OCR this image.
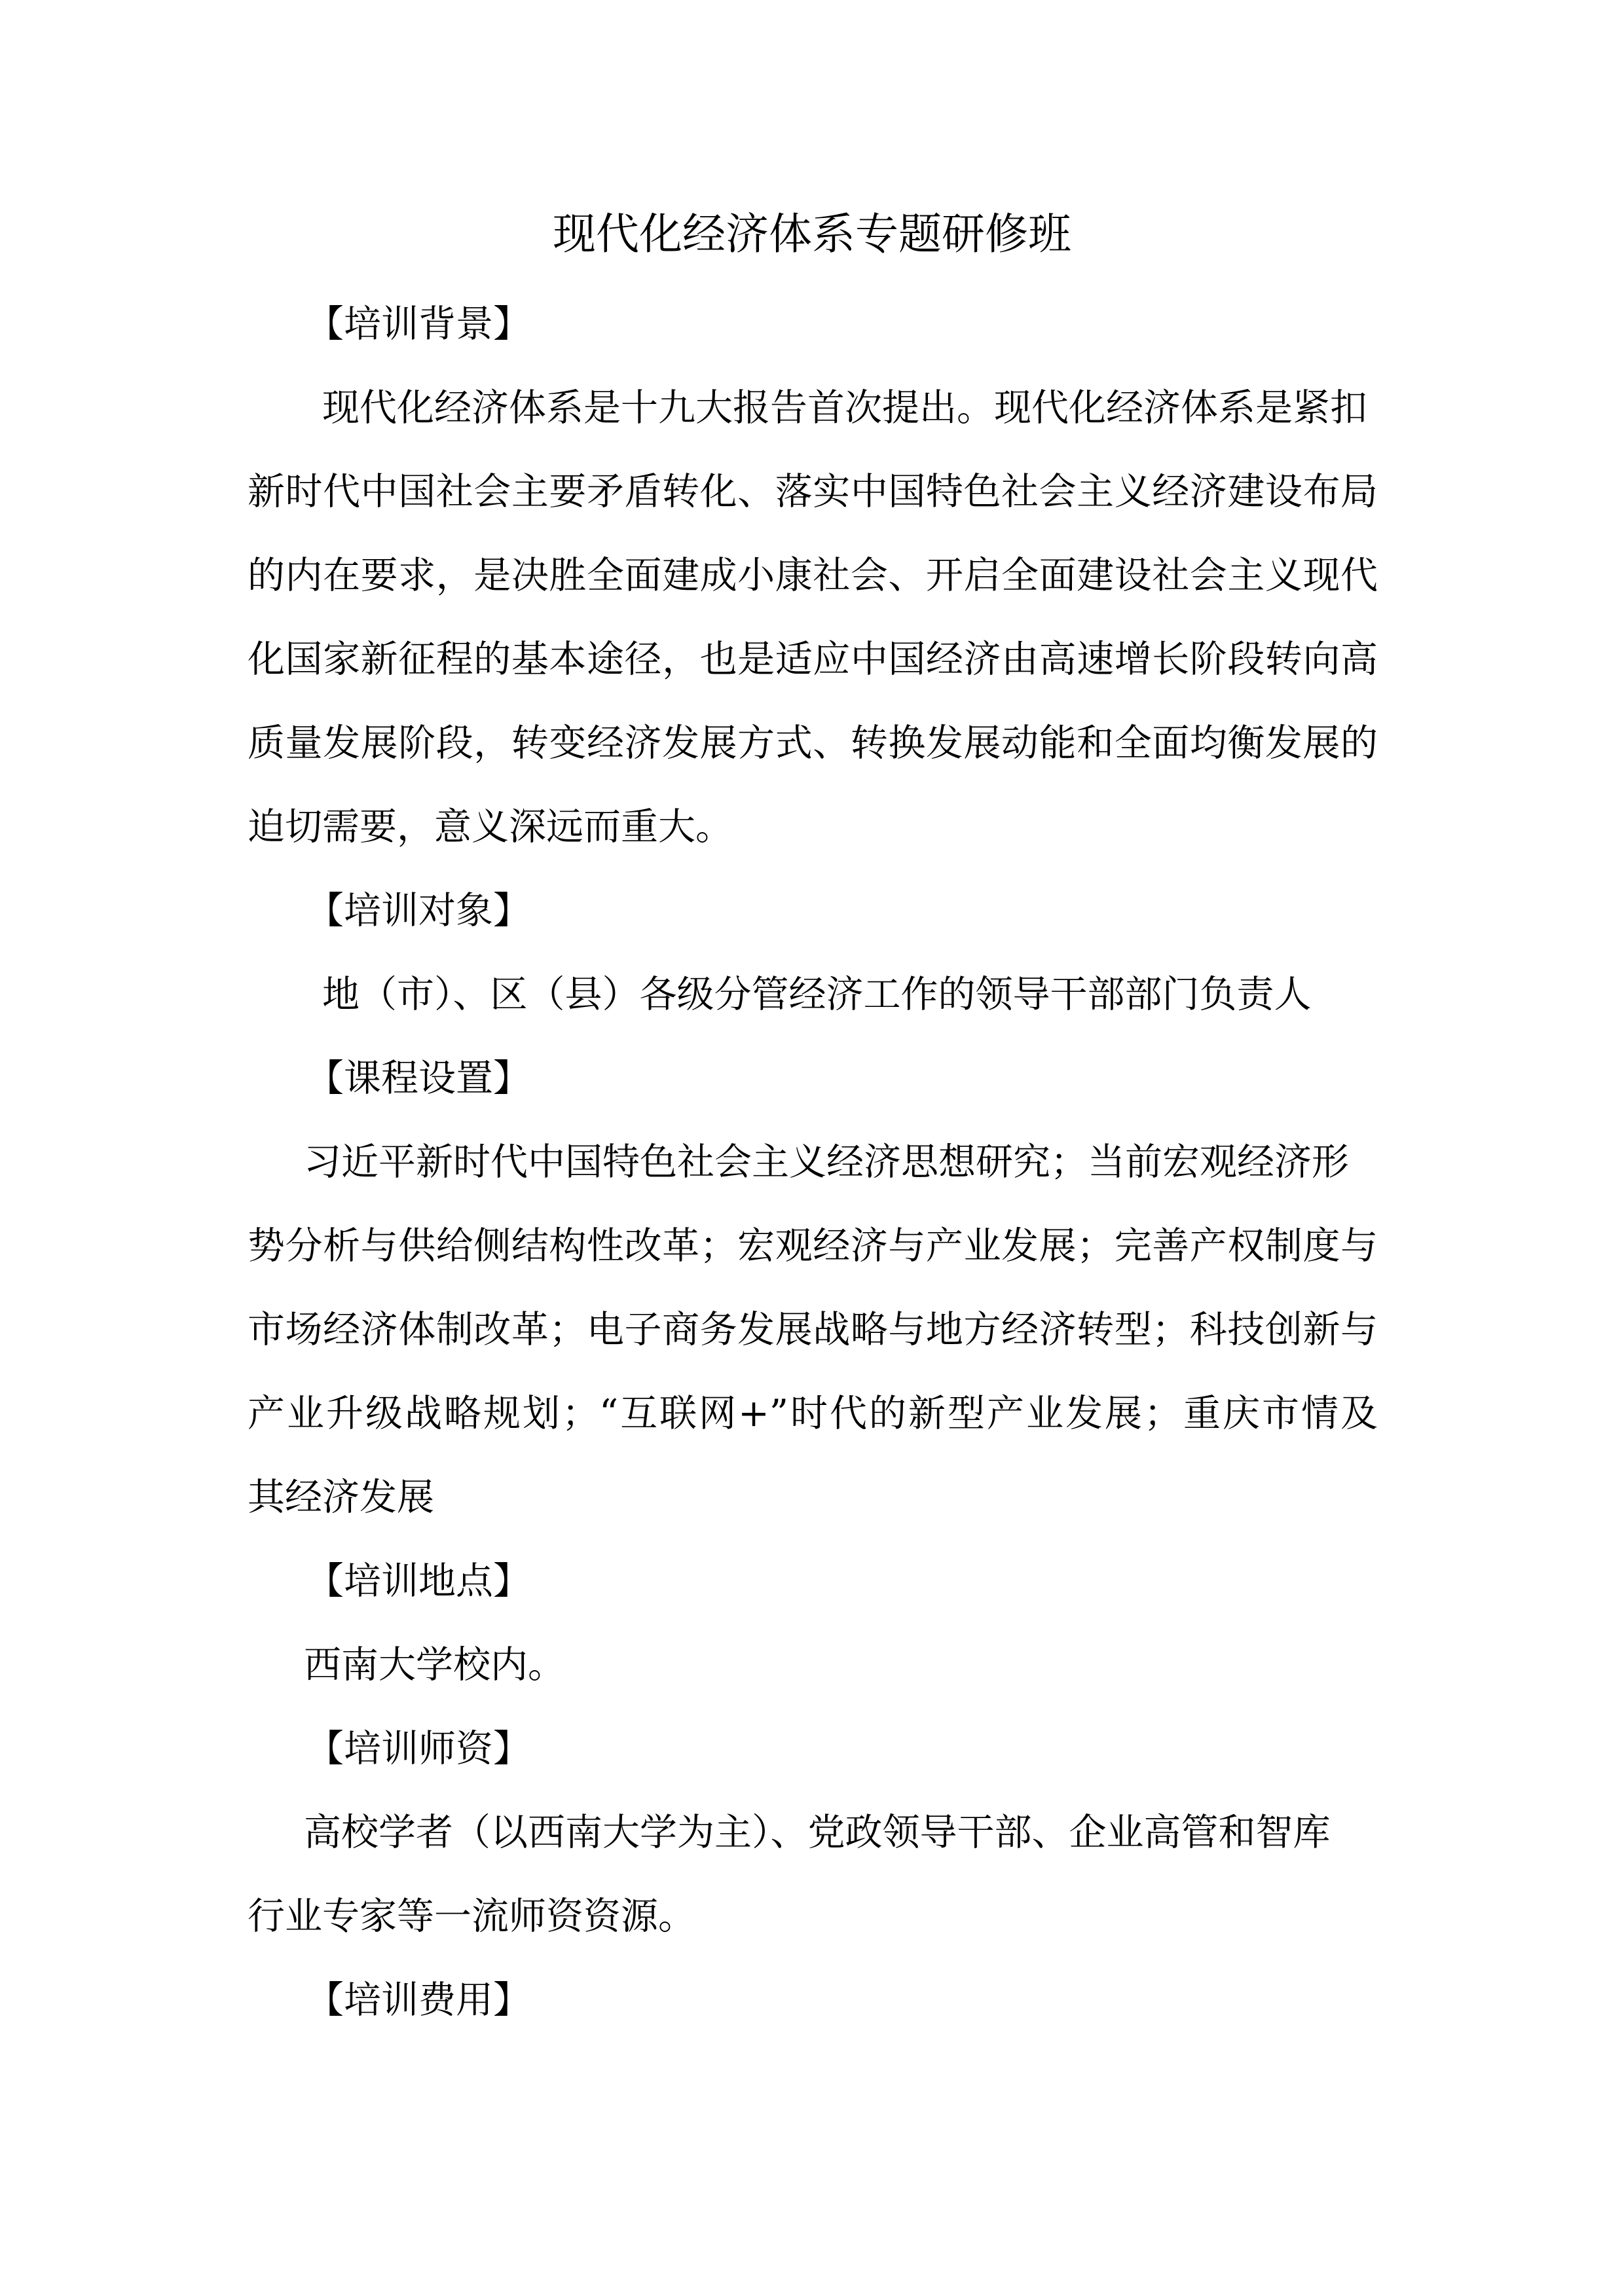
现代化经济体系专题研修班
【培训背景】
现代化经济体系是十九大报告首次提出。现代化经济体系是紧扣
新时代中国社会主要矛盾转化、落实中国特色社会主义经济建设布局
的内在要求，是决胜全面建成小康社会、开启全面建设社会主义现代
化国家新征程的基本途径，也是适应中国经济由高速增长阶段转向高
质量发展阶段，转变经济发展方式、转换发展动能和全面均衡发展的
迫切需要，意义深远而重大。
【培训对象】
地（市）、区（县）各级分管经济工作的领导干部部门负责人
【课程设置】
习近平新时代中国特色社会主义经济思想研究；当前宏观经济形
势分析与供给侧结构性改革；宏观经济与产业发展；完善产权制度与
市场经济体制改革；电子商务发展战略与地方经济转型；科技创新与
产业升级战略规划；“互联网+”时代的新型产业发展；重庆市情及
其经济发展
【培训地点】
西南大学校内。
【培训师资】
高校学者（以西南大学为主）、党政领导干部、企业高管和智库
行业专家等一流师资资源。
【培训费用】
